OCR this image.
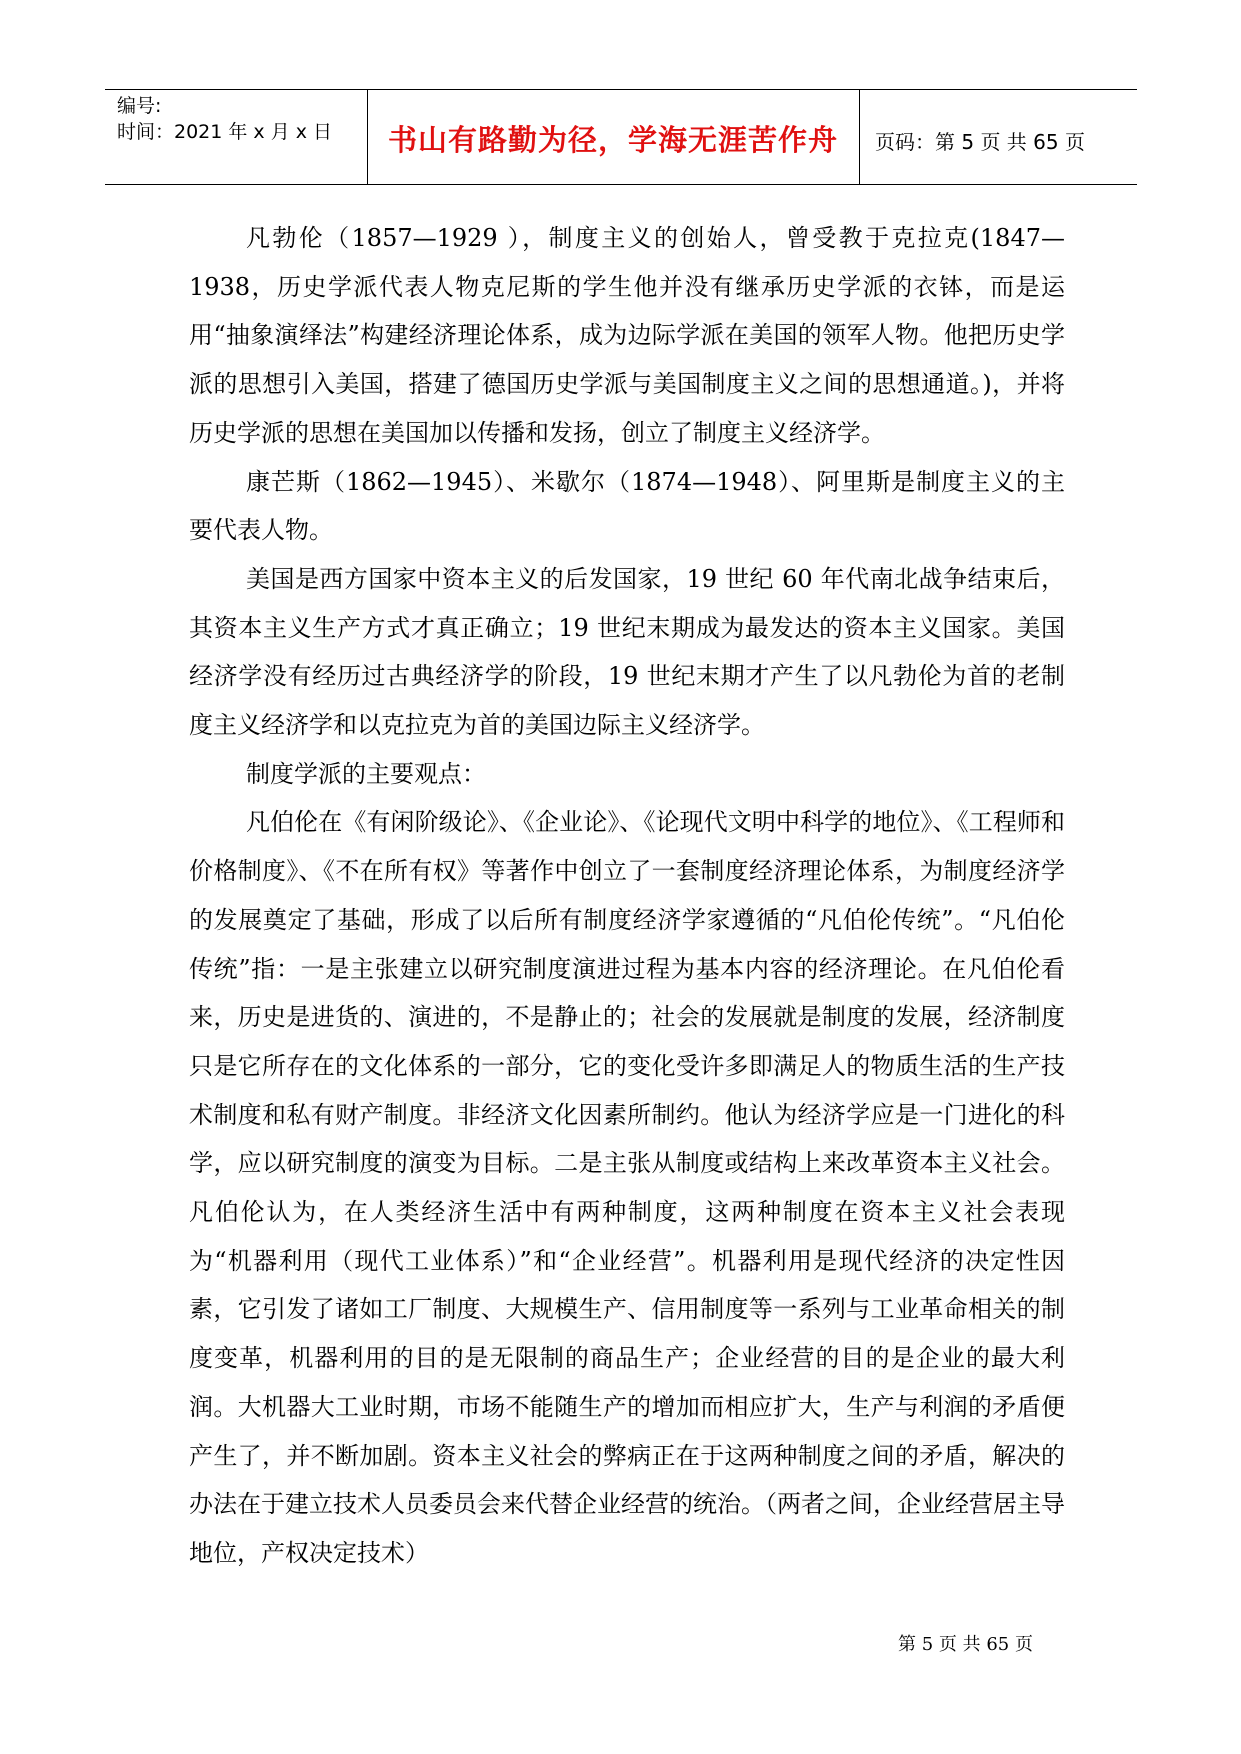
编号:
时间：2021 年 x 月 x 日	书山有路勤为径，学海无涯苦作舟	页码：第 5 页 共 65 页

凡勃伦（1857—1929 ），制度主义的创始人，曾受教于克拉克(1847—1938，历史学派代表人物克尼斯的学生他并没有继承历史学派的衣钵，而是运用“抽象演绎法”构建经济理论体系，成为边际学派在美国的领军人物。他把历史学派的思想引入美国，搭建了德国历史学派与美国制度主义之间的思想通道。)，并将历史学派的思想在美国加以传播和发扬，创立了制度主义经济学。

康芒斯（1862—1945）、米歇尔（1874—1948）、阿里斯是制度主义的主要代表人物。

美国是西方国家中资本主义的后发国家，19 世纪 60 年代南北战争结束后，其资本主义生产方式才真正确立；19 世纪末期成为最发达的资本主义国家。美国经济学没有经历过古典经济学的阶段，19 世纪末期才产生了以凡勃伦为首的老制度主义经济学和以克拉克为首的美国边际主义经济学。

制度学派的主要观点：

凡伯伦在《有闲阶级论》、《企业论》、《论现代文明中科学的地位》、《工程师和价格制度》、《不在所有权》等著作中创立了一套制度经济理论体系，为制度经济学的发展奠定了基础，形成了以后所有制度经济学家遵循的“凡伯伦传统”。“凡伯伦传统”指：一是主张建立以研究制度演进过程为基本内容的经济理论。在凡伯伦看来，历史是进货的、演进的，不是静止的；社会的发展就是制度的发展，经济制度只是它所存在的文化体系的一部分，它的变化受许多即满足人的物质生活的生产技术制度和私有财产制度。非经济文化因素所制约。他认为经济学应是一门进化的科学，应以研究制度的演变为目标。二是主张从制度或结构上来改革资本主义社会。凡伯伦认为，在人类经济生活中有两种制度，这两种制度在资本主义社会表现为“机器利用（现代工业体系）”和“企业经营”。机器利用是现代经济的决定性因素，它引发了诸如工厂制度、大规模生产、信用制度等一系列与工业革命相关的制度变革，机器利用的目的是无限制的商品生产；企业经营的目的是企业的最大利润。大机器大工业时期，市场不能随生产的增加而相应扩大，生产与利润的矛盾便产生了，并不断加剧。资本主义社会的弊病正在于这两种制度之间的矛盾，解决的办法在于建立技术人员委员会来代替企业经营的统治。（两者之间，企业经营居主导地位，产权决定技术）

第 5 页 共 65 页
